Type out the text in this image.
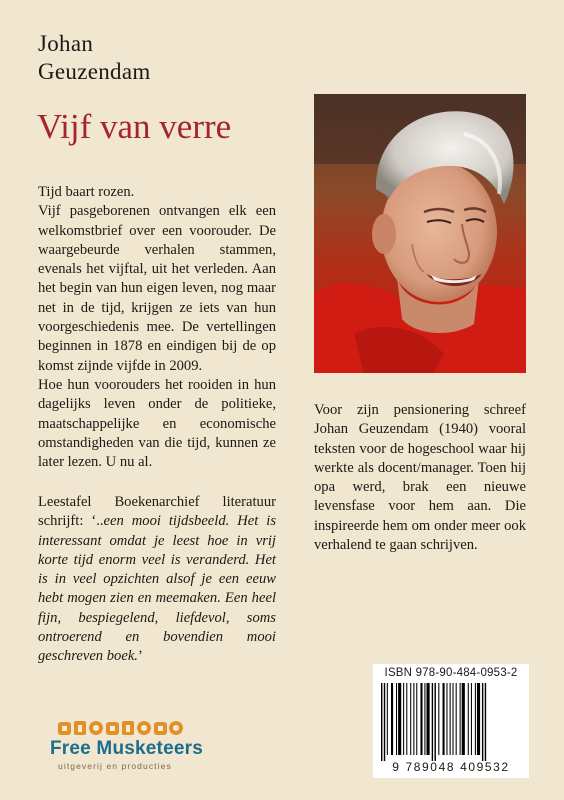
Johan
Geuzendam
Vijf van verre

Tijd baart rozen.

Vijf pasgeborenen ontvangen elk een welkomstbrief over een voorouder. De waargebeurde verhalen stammen, evenals het vijftal, uit het verleden. Aan het begin van hun eigen leven, nog maar net in de tijd, krijgen ze iets van hun voorgeschiedenis mee. De vertellingen beginnen in 1878 en eindigen bij de op komst zijnde vijfde in 2009.

Hoe hun voorouders het rooiden in hun dagelijks leven onder de politieke, maatschappelijke en economische omstandigheden van die tijd, kunnen ze later lezen. U nu al.

Leestafel Boekenarchief literatuur schrijft: ‘..een mooi tijdsbeeld. Het is interessant omdat je leest hoe in vrij korte tijd enorm veel is veranderd. Het is in veel opzichten alsof je een eeuw hebt mogen zien en meemaken. Een heel fijn, bespiegelend, liefdevol, soms ontroerend en bovendien mooi geschreven boek.’

Voor zijn pensionering schreef Johan Geuzendam (1940) vooral teksten voor de hogeschool waar hij werkte als docent/manager. Toen hij opa werd, brak een nieuwe levensfase voor hem aan. Die inspireerde hem om onder meer ook verhalend te gaan schrijven.

ISBN 978-90-484-0953-2
9 789048 409532
Free Musketeers
uitgeverij en producties
